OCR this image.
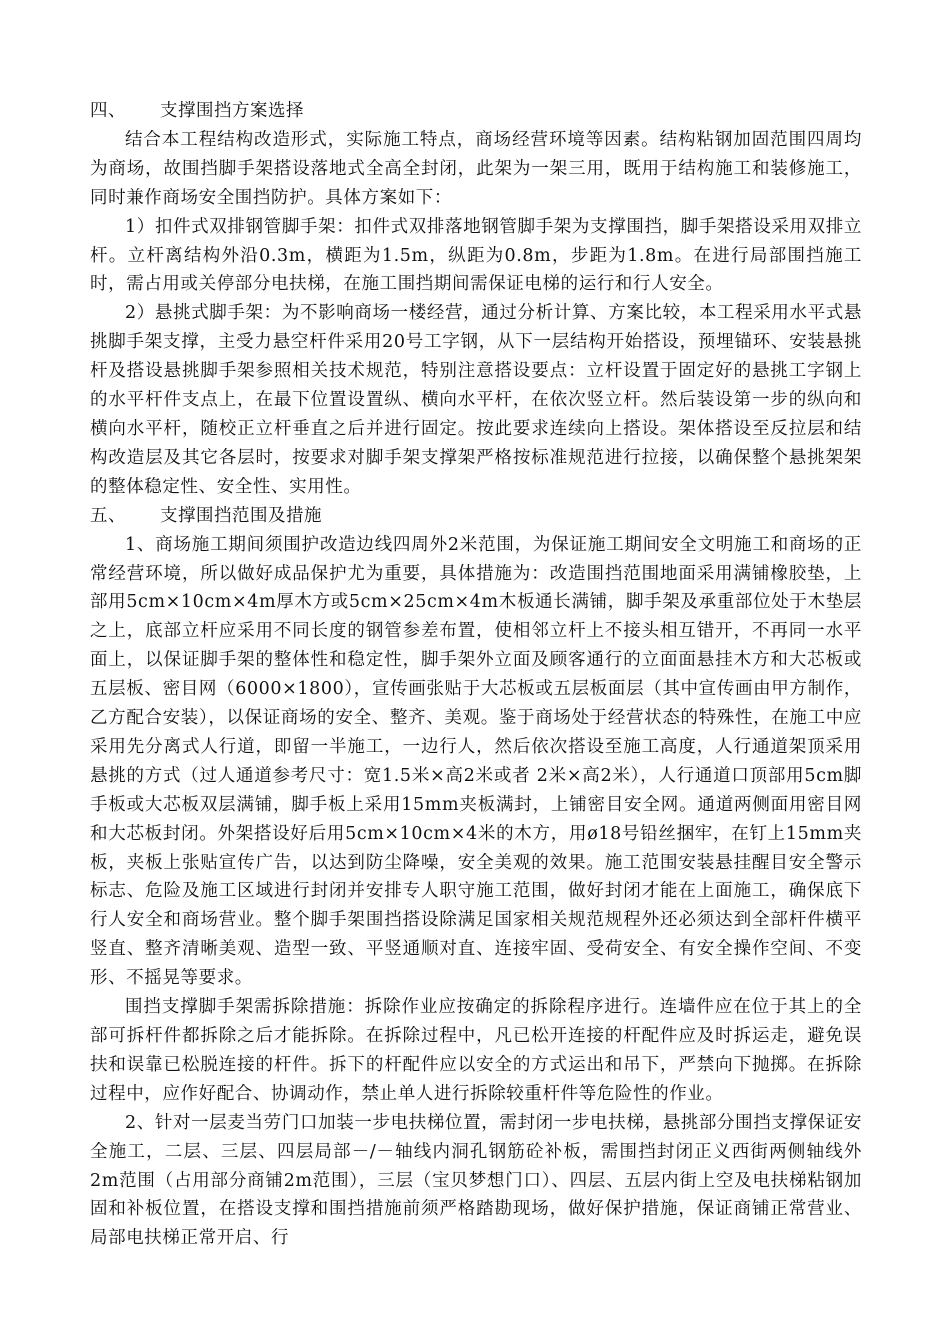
四、 支撑围挡方案选择

结合本工程结构改造形式，实际施工特点，商场经营环境等因素。结构粘钢加固范围四周均为商场，故围挡脚手架搭设落地式全高全封闭，此架为一架三用，既用于结构施工和装修施工，同时兼作商场安全围挡防护。具体方案如下：

1）扣件式双排钢管脚手架：扣件式双排落地钢管脚手架为支撑围挡，脚手架搭设采用双排立杆。立杆离结构外沿0.3m，横距为1.5m，纵距为0.8m，步距为1.8m。在进行局部围挡施工时，需占用或关停部分电扶梯，在施工围挡期间需保证电梯的运行和行人安全。

2）悬挑式脚手架：为不影响商场一楼经营，通过分析计算、方案比较，本工程采用水平式悬挑脚手架支撑，主受力悬空杆件采用20号工字钢，从下一层结构开始搭设，预埋锚环、安装悬挑杆及搭设悬挑脚手架参照相关技术规范，特别注意搭设要点：立杆设置于固定好的悬挑工字钢上的水平杆件支点上，在最下位置设置纵、横向水平杆，在依次竖立杆。然后装设第一步的纵向和横向水平杆，随校正立杆垂直之后并进行固定。按此要求连续向上搭设。架体搭设至反拉层和结构改造层及其它各层时，按要求对脚手架支撑架严格按标准规范进行拉接，以确保整个悬挑架架的整体稳定性、安全性、实用性。

五、 支撑围挡范围及措施

1、商场施工期间须围护改造边线四周外2米范围，为保证施工期间安全文明施工和商场的正常经营环境，所以做好成品保护尤为重要，具体措施为：改造围挡范围地面采用满铺橡胶垫，上部用5cm×10cm×4m厚木方或5cm×25cm×4m木板通长满铺，脚手架及承重部位处于木垫层之上，底部立杆应采用不同长度的钢管参差布置，使相邻立杆上不接头相互错开，不再同一水平面上，以保证脚手架的整体性和稳定性，脚手架外立面及顾客通行的立面面悬挂木方和大芯板或五层板、密目网（6000×1800），宣传画张贴于大芯板或五层板面层（其中宣传画由甲方制作，乙方配合安装），以保证商场的安全、整齐、美观。鉴于商场处于经营状态的特殊性，在施工中应采用先分离式人行道，即留一半施工，一边行人，然后依次搭设至施工高度，人行通道架顶采用悬挑的方式（过人通道参考尺寸：宽1.5米×高2米或者 2米×高2米），人行通道口顶部用5cm脚手板或大芯板双层满铺，脚手板上采用15mm夹板满封，上铺密目安全网。通道两侧面用密目网和大芯板封闭。外架搭设好后用5cm×10cm×4米的木方，用ø18号铅丝捆牢，在钉上15mm夹板，夹板上张贴宣传广告，以达到防尘降噪，安全美观的效果。施工范围安装悬挂醒目安全警示标志、危险及施工区域进行封闭并安排专人职守施工范围，做好封闭才能在上面施工，确保底下行人安全和商场营业。整个脚手架围挡搭设除满足国家相关规范规程外还必须达到全部杆件横平竖直、整齐清晰美观、造型一致、平竖通顺对直、连接牢固、受荷安全、有安全操作空间、不变形、不摇晃等要求。

围挡支撑脚手架需拆除措施：拆除作业应按确定的拆除程序进行。连墙件应在位于其上的全部可拆杆件都拆除之后才能拆除。在拆除过程中，凡已松开连接的杆配件应及时拆运走，避免误扶和误靠已松脱连接的杆件。拆下的杆配件应以安全的方式运出和吊下，严禁向下抛掷。在拆除过程中，应作好配合、协调动作，禁止单人进行拆除较重杆件等危险性的作业。

2、针对一层麦当劳门口加装一步电扶梯位置，需封闭一步电扶梯，悬挑部分围挡支撑保证安全施工，二层、三层、四层局部－/－轴线内洞孔钢筋砼补板，需围挡封闭正义西街两侧轴线外2m范围（占用部分商铺2m范围），三层（宝贝梦想门口）、四层、五层内街上空及电扶梯粘钢加固和补板位置，在搭设支撑和围挡措施前须严格踏勘现场，做好保护措施，保证商铺正常营业、局部电扶梯正常开启、行
